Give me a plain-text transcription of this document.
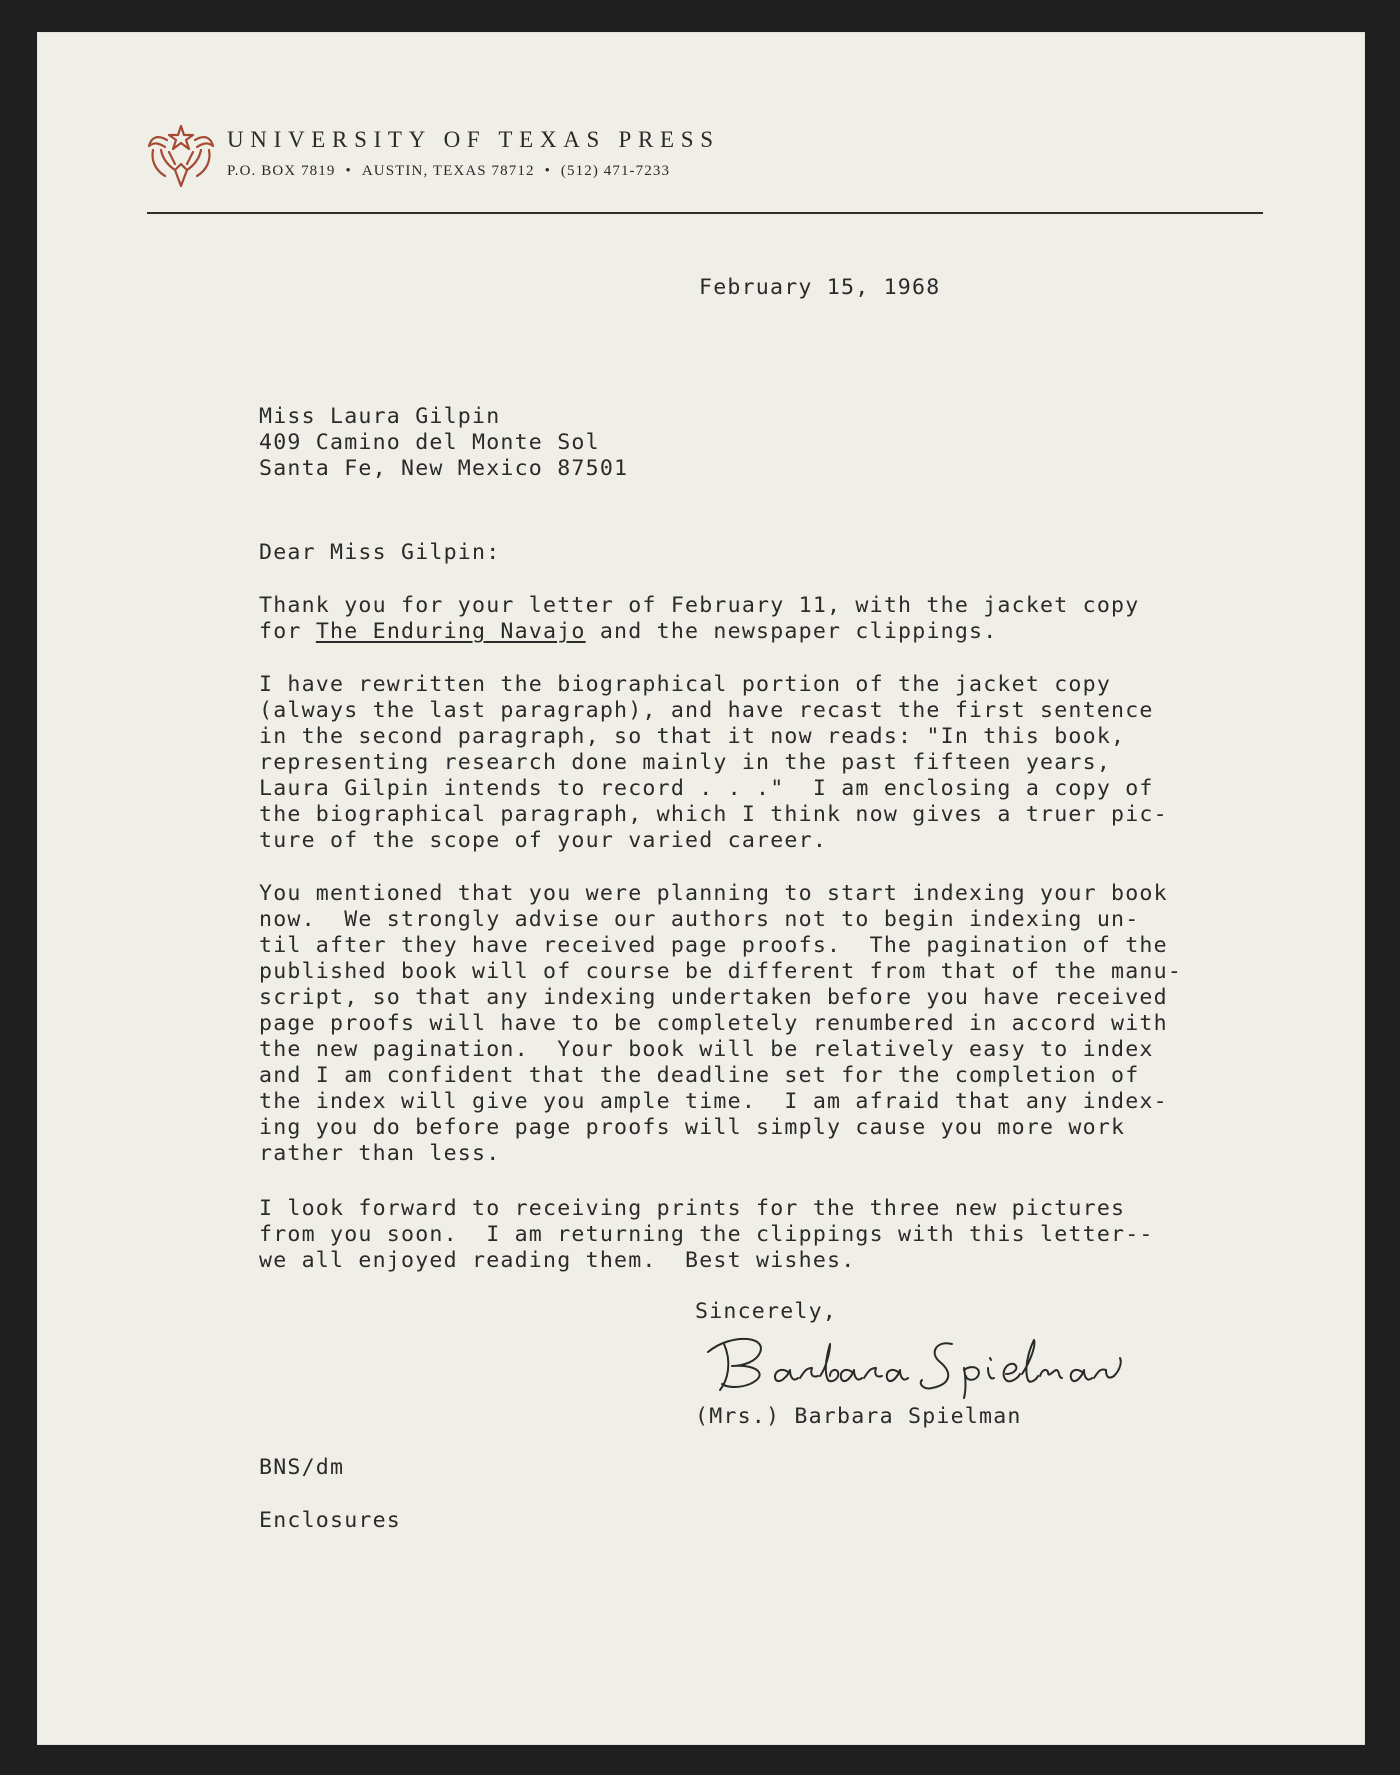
UNIVERSITY OF TEXAS PRESS
P.O. BOX 7819 • AUSTIN, TEXAS 78712 • (512) 471-7233
February 15, 1968
Miss Laura Gilpin
409 Camino del Monte Sol
Santa Fe, New Mexico 87501
Dear Miss Gilpin:
Thank you for your letter of February 11, with the jacket copy
for The Enduring Navajo and the newspaper clippings.
I have rewritten the biographical portion of the jacket copy
(always the last paragraph), and have recast the first sentence
in the second paragraph, so that it now reads: "In this book,
representing research done mainly in the past fifteen years,
Laura Gilpin intends to record . . ."  I am enclosing a copy of
the biographical paragraph, which I think now gives a truer pic-
ture of the scope of your varied career.
You mentioned that you were planning to start indexing your book
now.  We strongly advise our authors not to begin indexing un-
til after they have received page proofs.  The pagination of the
published book will of course be different from that of the manu-
script, so that any indexing undertaken before you have received
page proofs will have to be completely renumbered in accord with
the new pagination.  Your book will be relatively easy to index
and I am confident that the deadline set for the completion of
the index will give you ample time.  I am afraid that any index-
ing you do before page proofs will simply cause you more work
rather than less.
I look forward to receiving prints for the three new pictures
from you soon.  I am returning the clippings with this letter--
we all enjoyed reading them.  Best wishes.
Sincerely,
(Mrs.) Barbara Spielman
BNS/dm
Enclosures
